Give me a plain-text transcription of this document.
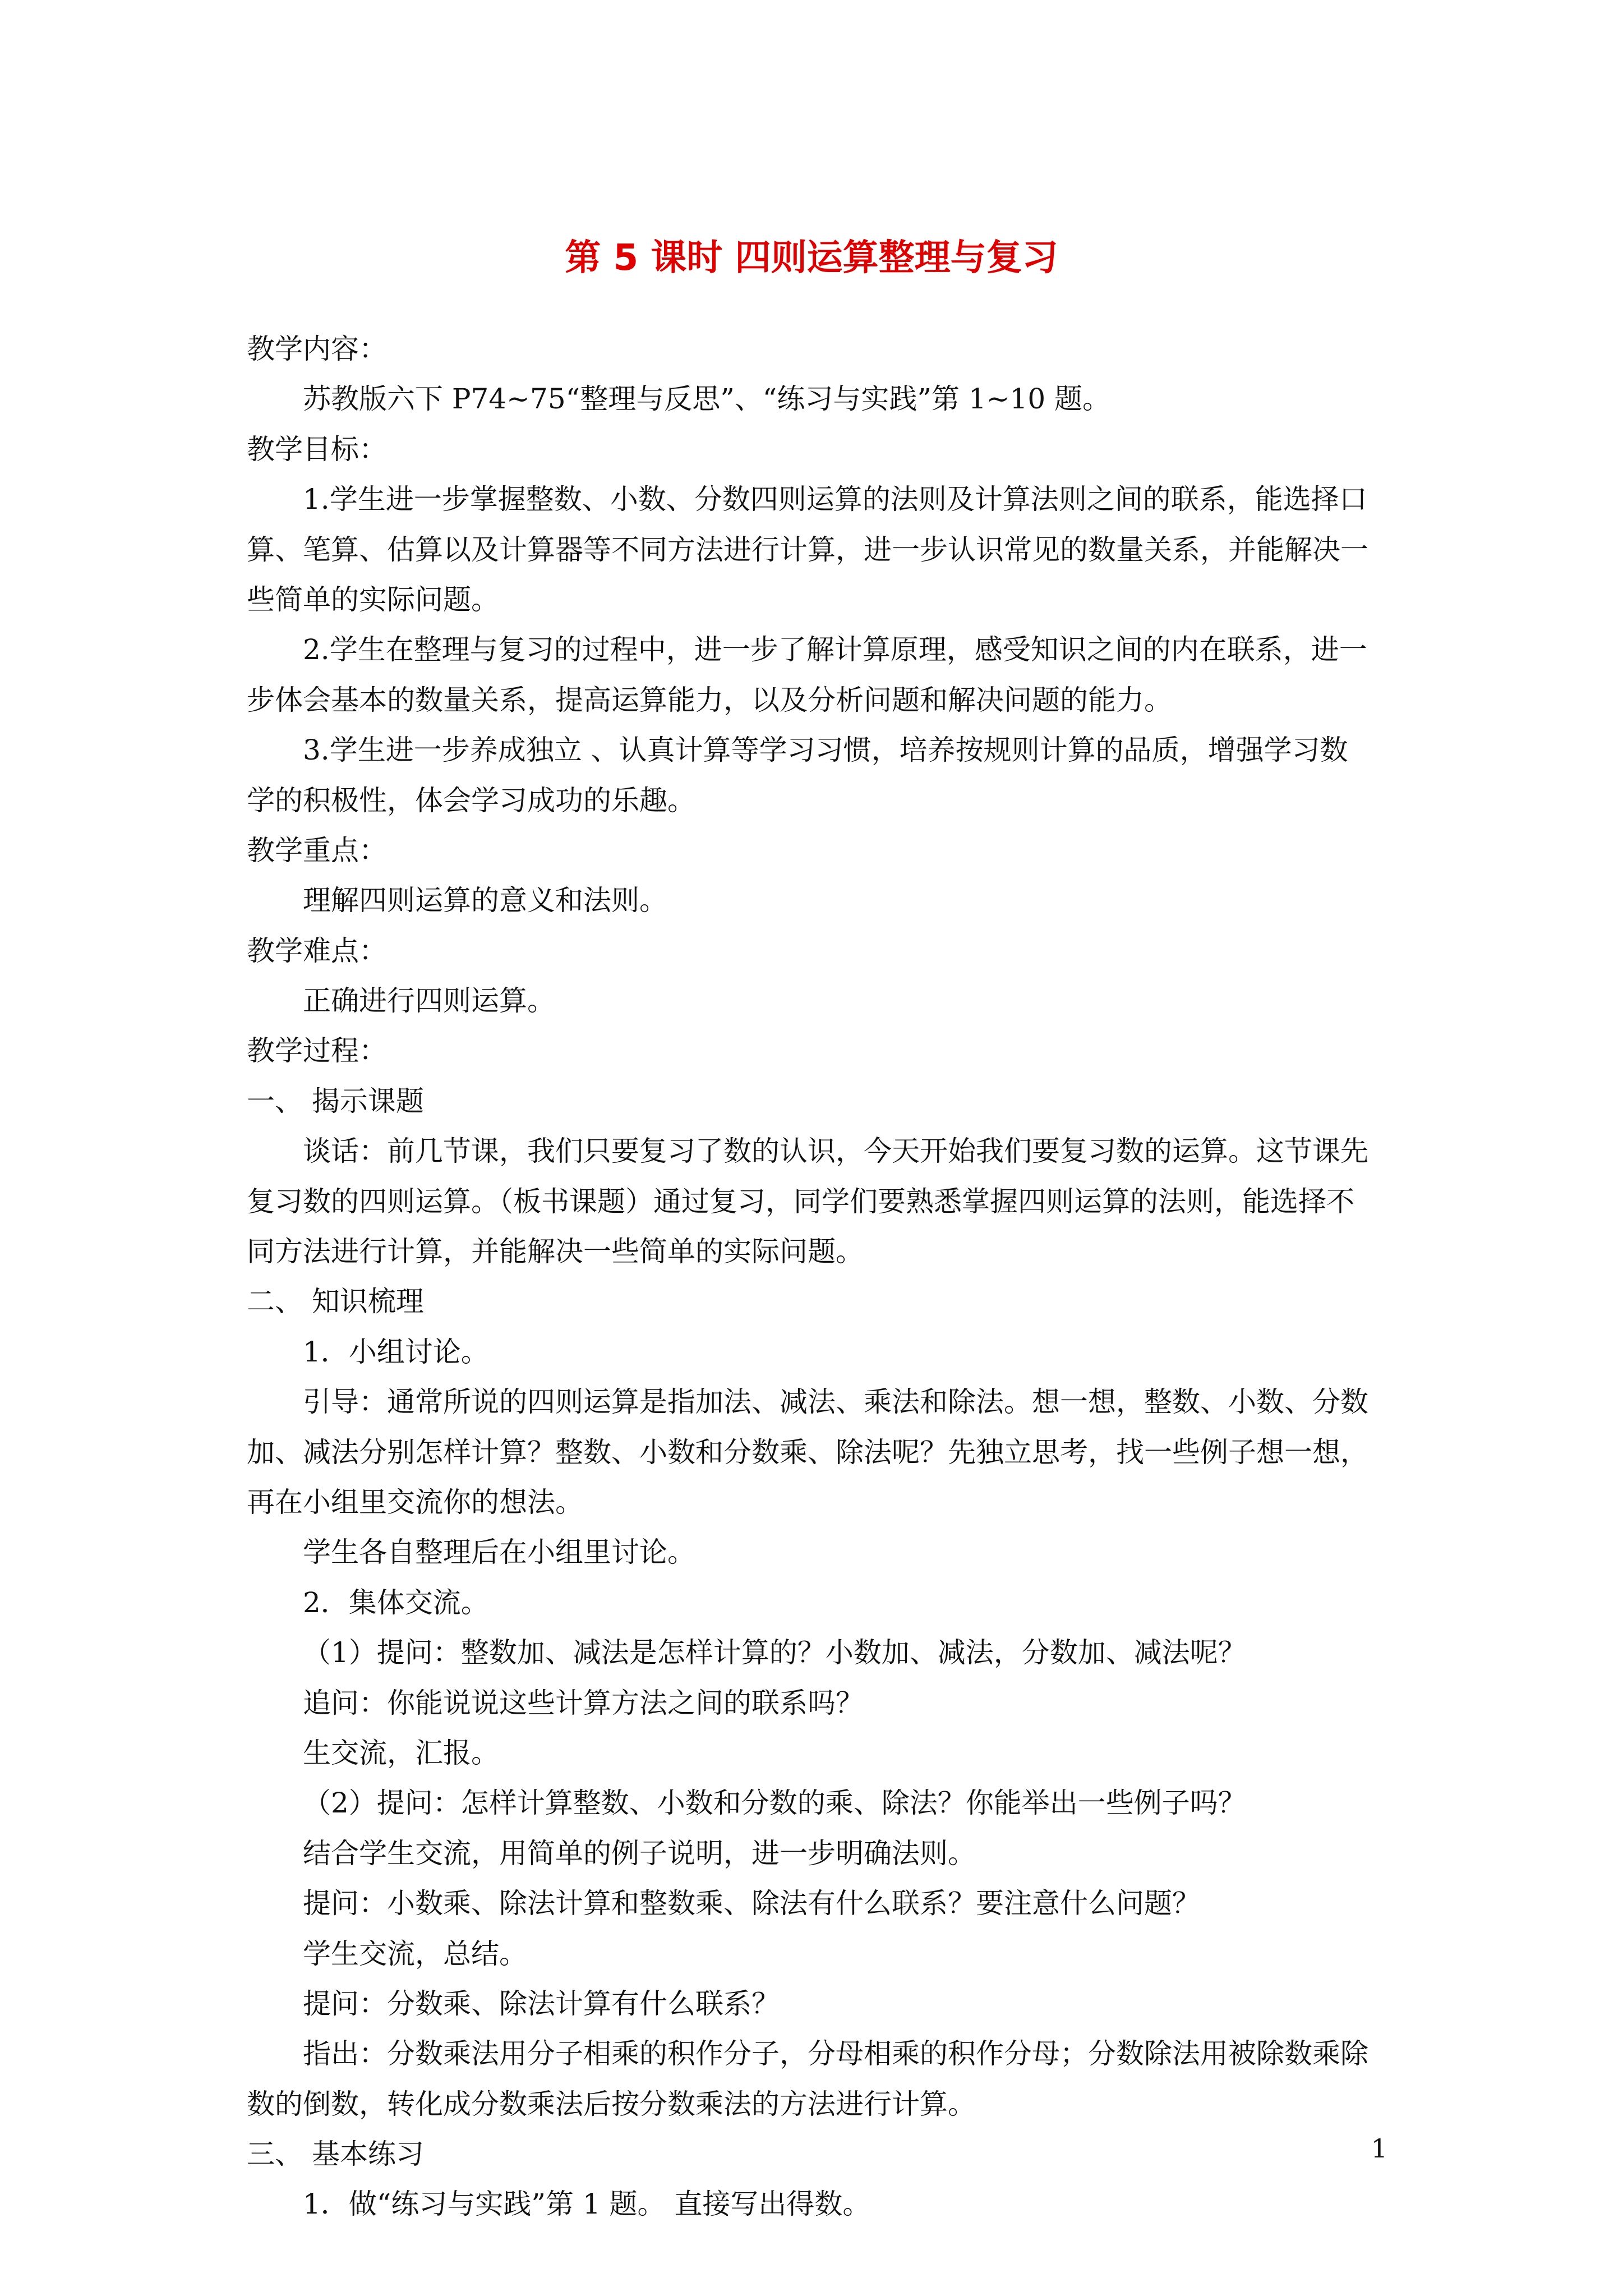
第 5 课时 四则运算整理与复习
教学内容：
苏教版六下 P74~75“整理与反思”、“练习与实践”第 1~10 题。
教学目标：
1.学生进一步掌握整数、小数、分数四则运算的法则及计算法则之间的联系，能选择口
算、笔算、估算以及计算器等不同方法进行计算，进一步认识常见的数量关系，并能解决一
些简单的实际问题。
2.学生在整理与复习的过程中，进一步了解计算原理，感受知识之间的内在联系，进一
步体会基本的数量关系，提高运算能力，以及分析问题和解决问题的能力。
3.学生进一步养成独立 、认真计算等学习习惯，培养按规则计算的品质，增强学习数
学的积极性，体会学习成功的乐趣。
教学重点：
理解四则运算的意义和法则。
教学难点：
正确进行四则运算。
教学过程：
一、 揭示课题
谈话：前几节课，我们只要复习了数的认识，今天开始我们要复习数的运算。这节课先
复习数的四则运算。（板书课题）通过复习，同学们要熟悉掌握四则运算的法则，能选择不
同方法进行计算，并能解决一些简单的实际问题。
二、 知识梳理
1．小组讨论。
引导：通常所说的四则运算是指加法、减法、乘法和除法。想一想，整数、小数、分数
加、减法分别怎样计算？整数、小数和分数乘、除法呢？先独立思考，找一些例子想一想，
再在小组里交流你的想法。
学生各自整理后在小组里讨论。
2．集体交流。
（1）提问：整数加、减法是怎样计算的？小数加、减法，分数加、减法呢？
追问：你能说说这些计算方法之间的联系吗？
生交流，汇报。
（2）提问：怎样计算整数、小数和分数的乘、除法？你能举出一些例子吗？
结合学生交流，用简单的例子说明，进一步明确法则。
提问：小数乘、除法计算和整数乘、除法有什么联系？要注意什么问题？
学生交流，总结。
提问：分数乘、除法计算有什么联系？
指出：分数乘法用分子相乘的积作分子，分母相乘的积作分母；分数除法用被除数乘除
数的倒数，转化成分数乘法后按分数乘法的方法进行计算。
三、 基本练习
1．做“练习与实践”第 1 题。 直接写出得数。
1
